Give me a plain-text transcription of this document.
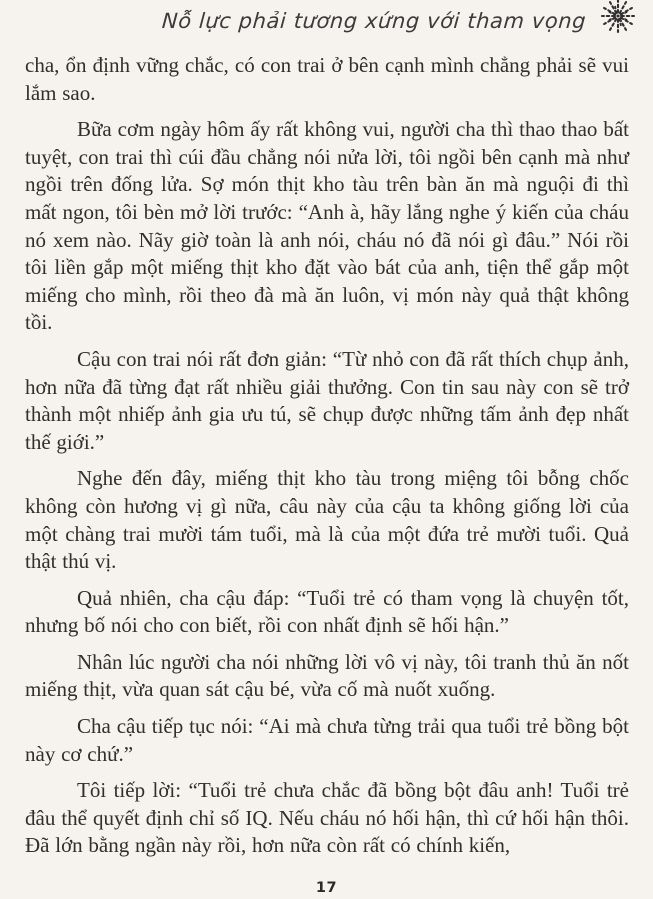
Nỗ lực phải tương xứng với tham vọng

cha, ổn định vững chắc, có con trai ở bên cạnh mình chẳng phải sẽ vui lắm sao.

Bữa cơm ngày hôm ấy rất không vui, người cha thì thao thao bất tuyệt, con trai thì cúi đầu chẳng nói nửa lời, tôi ngồi bên cạnh mà như ngồi trên đống lửa. Sợ món thịt kho tàu trên bàn ăn mà nguội đi thì mất ngon, tôi bèn mở lời trước: “Anh à, hãy lắng nghe ý kiến của cháu nó xem nào. Nãy giờ toàn là anh nói, cháu nó đã nói gì đâu.” Nói rồi tôi liền gắp một miếng thịt kho đặt vào bát của anh, tiện thể gắp một miếng cho mình, rồi theo đà mà ăn luôn, vị món này quả thật không tồi.

Cậu con trai nói rất đơn giản: “Từ nhỏ con đã rất thích chụp ảnh, hơn nữa đã từng đạt rất nhiều giải thưởng. Con tin sau này con sẽ trở thành một nhiếp ảnh gia ưu tú, sẽ chụp được những tấm ảnh đẹp nhất thế giới.”

Nghe đến đây, miếng thịt kho tàu trong miệng tôi bỗng chốc không còn hương vị gì nữa, câu này của cậu ta không giống lời của một chàng trai mười tám tuổi, mà là của một đứa trẻ mười tuổi. Quả thật thú vị.

Quả nhiên, cha cậu đáp: “Tuổi trẻ có tham vọng là chuyện tốt, nhưng bố nói cho con biết, rồi con nhất định sẽ hối hận.”

Nhân lúc người cha nói những lời vô vị này, tôi tranh thủ ăn nốt miếng thịt, vừa quan sát cậu bé, vừa cố mà nuốt xuống.

Cha cậu tiếp tục nói: “Ai mà chưa từng trải qua tuổi trẻ bồng bột này cơ chứ.”

Tôi tiếp lời: “Tuổi trẻ chưa chắc đã bồng bột đâu anh! Tuổi trẻ đâu thể quyết định chỉ số IQ. Nếu cháu nó hối hận, thì cứ hối hận thôi. Đã lớn bằng ngần này rồi, hơn nữa còn rất có chính kiến,

17
